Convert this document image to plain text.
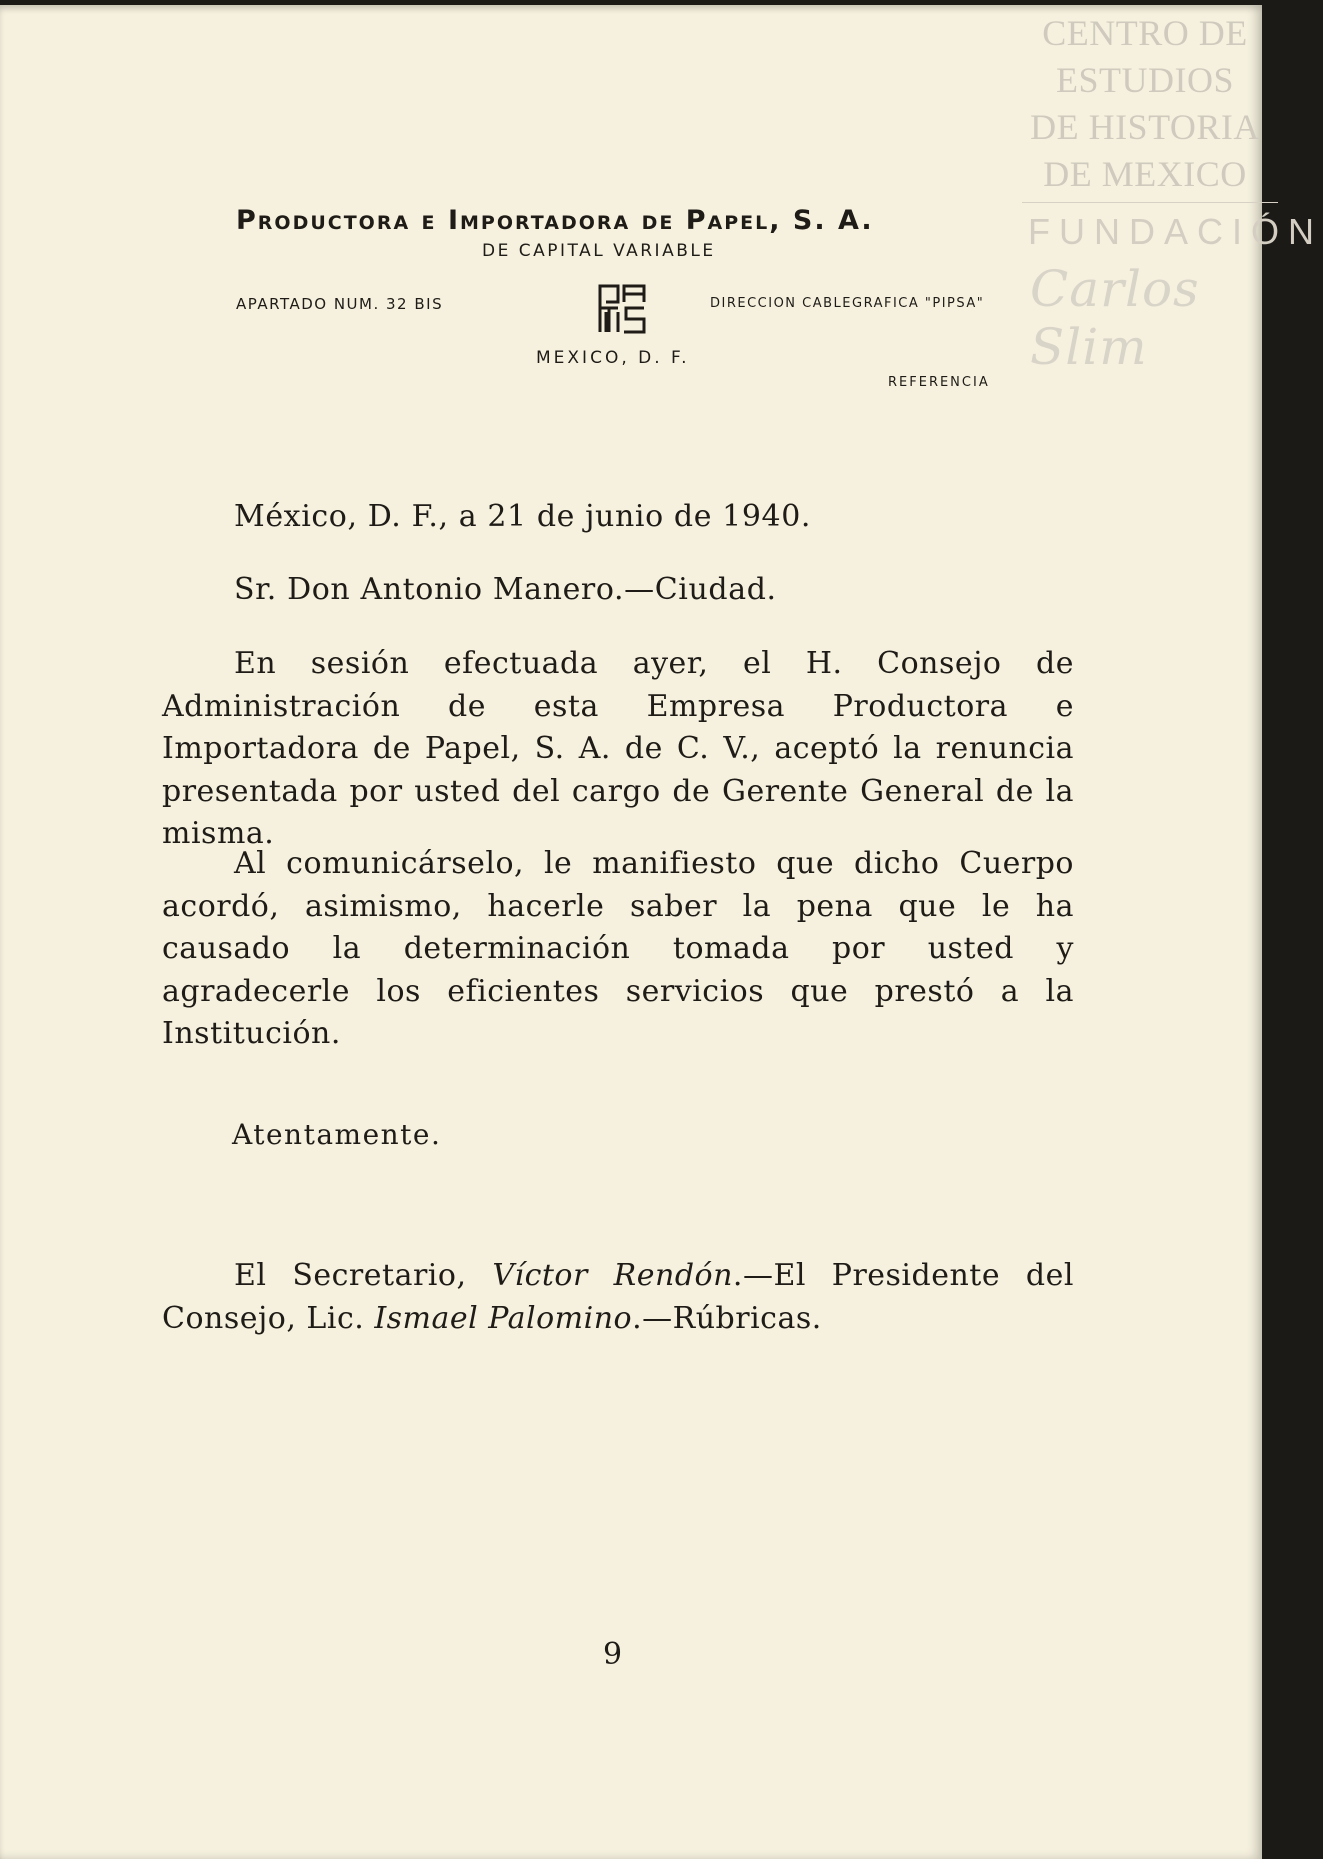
CENTRO DE
ESTUDIOS
DE HISTORIA
DE MEXICO
FUNDACIÓN
Carlos Slim
Productora e Importadora de Papel, S. A.
DE CAPITAL VARIABLE
APARTADO NUM. 32 BIS	DIRECCION CABLEGRAFICA "PIPSA"
MEXICO, D. F.
REFERENCIA
México, D. F., a 21 de junio de 1940.
Sr. Don Antonio Manero.—Ciudad.
En sesión efectuada ayer, el H. Consejo de Administración de esta Empresa Productora e Importadora de Papel, S. A. de C. V., aceptó la renuncia presentada por usted del cargo de Gerente General de la misma.
Al comunicárselo, le manifiesto que dicho Cuerpo acordó, asimismo, hacerle saber la pena que le ha causado la determinación tomada por usted y agradecerle los eficientes servicios que prestó a la Institución.
Atentamente.
El Secretario, Víctor Rendón.—El Presidente del Consejo, Lic. Ismael Palomino.—Rúbricas.
9
